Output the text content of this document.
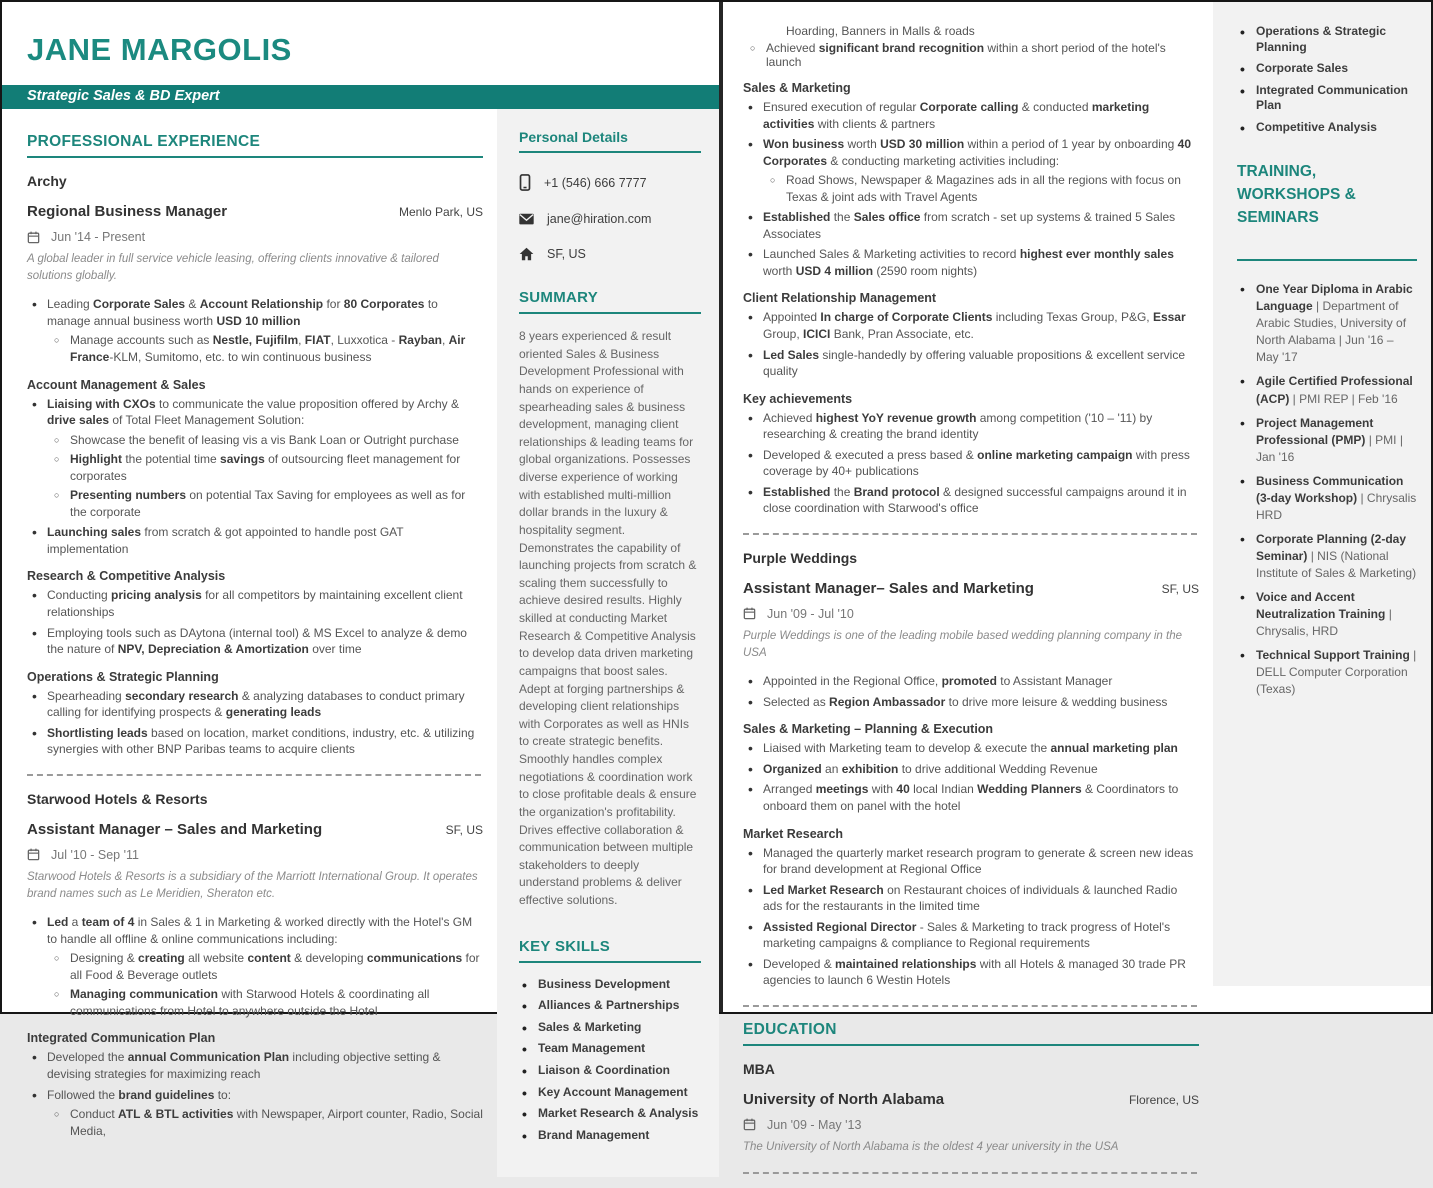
JANE MARGOLIS
Strategic Sales & BD Expert
PROFESSIONAL EXPERIENCE
Archy
Regional Business Manager	Menlo Park, US
Jun '14 - Present
A global leader in full service vehicle leasing, offering clients innovative & tailored solutions globally.
• Leading Corporate Sales & Account Relationship for 80 Corporates to manage annual business worth USD 10 million
○ Manage accounts such as Nestle, Fujifilm, FIAT, Luxxotica - Rayban, Air France-KLM, Sumitomo, etc. to win continuous business
Account Management & Sales
• Liaising with CXOs to communicate the value proposition offered by Archy & drive sales of Total Fleet Management Solution:
○ Showcase the benefit of leasing vis a vis Bank Loan or Outright purchase
○ Highlight the potential time savings of outsourcing fleet management for corporates
○ Presenting numbers on potential Tax Saving for employees as well as for the corporate
• Launching sales from scratch & got appointed to handle post GAT implementation
Research & Competitive Analysis
• Conducting pricing analysis for all competitors by maintaining excellent client relationships
• Employing tools such as DAytona (internal tool) & MS Excel to analyze & demo the nature of NPV, Depreciation & Amortization over time
Operations & Strategic Planning
• Spearheading secondary research & analyzing databases to conduct primary calling for identifying prospects & generating leads
• Shortlisting leads based on location, market conditions, industry, etc. & utilizing synergies with other BNP Paribas teams to acquire clients
Starwood Hotels & Resorts
Assistant Manager – Sales and Marketing	SF, US
Jul '10 - Sep '11
Starwood Hotels & Resorts is a subsidiary of the Marriott International Group. It operates brand names such as Le Meridien, Sheraton etc.
• Led a team of 4 in Sales & 1 in Marketing & worked directly with the Hotel's GM to handle all offline & online communications including:
○ Designing & creating all website content & developing communications for all Food & Beverage outlets
○ Managing communication with Starwood Hotels & coordinating all communications from Hotel to anywhere outside the Hotel
Integrated Communication Plan
• Developed the annual Communication Plan including objective setting & devising strategies for maximizing reach
• Followed the brand guidelines to:
○ Conduct ATL & BTL activities with Newspaper, Airport counter, Radio, Social Media,
Personal Details
+1 (546) 666 7777
jane@hiration.com
SF, US
SUMMARY

8 years experienced & result oriented Sales & Business Development Professional with hands on experience of spearheading sales & business development, managing client relationships & leading teams for global organizations. Possesses diverse experience of working with established multi-million dollar brands in the luxury & hospitality segment. Demonstrates the capability of launching projects from scratch & scaling them successfully to achieve desired results. Highly skilled at conducting Market Research & Competitive Analysis to develop data driven marketing campaigns that boost sales. Adept at forging partnerships & developing client relationships with Corporates as well as HNIs to create strategic benefits. Smoothly handles complex negotiations & coordination work to close profitable deals & ensure the organization's profitability. Drives effective collaboration & communication between multiple stakeholders to deeply understand problems & deliver effective solutions.

KEY SKILLS
• Business Development
• Alliances & Partnerships
• Sales & Marketing
• Team Management
• Liaison & Coordination
• Key Account Management
• Market Research & Analysis
• Brand Management
Hoarding, Banners in Malls & roads
○ Achieved significant brand recognition within a short period of the hotel's launch
Sales & Marketing
• Ensured execution of regular Corporate calling & conducted marketing activities with clients & partners
• Won business worth USD 30 million within a period of 1 year by onboarding 40 Corporates & conducting marketing activities including:
○ Road Shows, Newspaper & Magazines ads in all the regions with focus on Texas & joint ads with Travel Agents
• Established the Sales office from scratch - set up systems & trained 5 Sales Associates
• Launched Sales & Marketing activities to record highest ever monthly sales worth USD 4 million (2590 room nights)
Client Relationship Management
• Appointed In charge of Corporate Clients including Texas Group, P&G, Essar Group, ICICI Bank, Pran Associate, etc.
• Led Sales single-handedly by offering valuable propositions & excellent service quality
Key achievements
• Achieved highest YoY revenue growth among competition ('10 – '11) by researching & creating the brand identity
• Developed & executed a press based & online marketing campaign with press coverage by 40+ publications
• Established the Brand protocol & designed successful campaigns around it in close coordination with Starwood's office
Purple Weddings
Assistant Manager– Sales and Marketing	SF, US
Jun '09 - Jul '10
Purple Weddings is one of the leading mobile based wedding planning company in the USA
• Appointed in the Regional Office, promoted to Assistant Manager
• Selected as Region Ambassador to drive more leisure & wedding business
Sales & Marketing – Planning & Execution
• Liaised with Marketing team to develop & execute the annual marketing plan
• Organized an exhibition to drive additional Wedding Revenue
• Arranged meetings with 40 local Indian Wedding Planners & Coordinators to onboard them on panel with the hotel
Market Research
• Managed the quarterly market research program to generate & screen new ideas for brand development at Regional Office
• Led Market Research on Restaurant choices of individuals & launched Radio ads for the restaurants in the limited time
• Assisted Regional Director - Sales & Marketing to track progress of Hotel's marketing campaigns & compliance to Regional requirements
• Developed & maintained relationships with all Hotels & managed 30 trade PR agencies to launch 6 Westin Hotels
EDUCATION
MBA
University of North Alabama	Florence, US
Jun '09 - May '13
The University of North Alabama is the oldest 4 year university in the USA
• Operations & Strategic Planning
• Corporate Sales
• Integrated Communication Plan
• Competitive Analysis
TRAINING, WORKSHOPS & SEMINARS
• One Year Diploma in Arabic Language | Department of Arabic Studies, University of North Alabama | Jun '16 – May '17
• Agile Certified Professional (ACP) | PMI REP | Feb '16
• Project Management Professional (PMP) | PMI | Jan '16
• Business Communication (3-day Workshop) | Chrysalis HRD
• Corporate Planning (2-day Seminar) | NIS (National Institute of Sales & Marketing)
• Voice and Accent Neutralization Training | Chrysalis, HRD
• Technical Support Training | DELL Computer Corporation (Texas)
